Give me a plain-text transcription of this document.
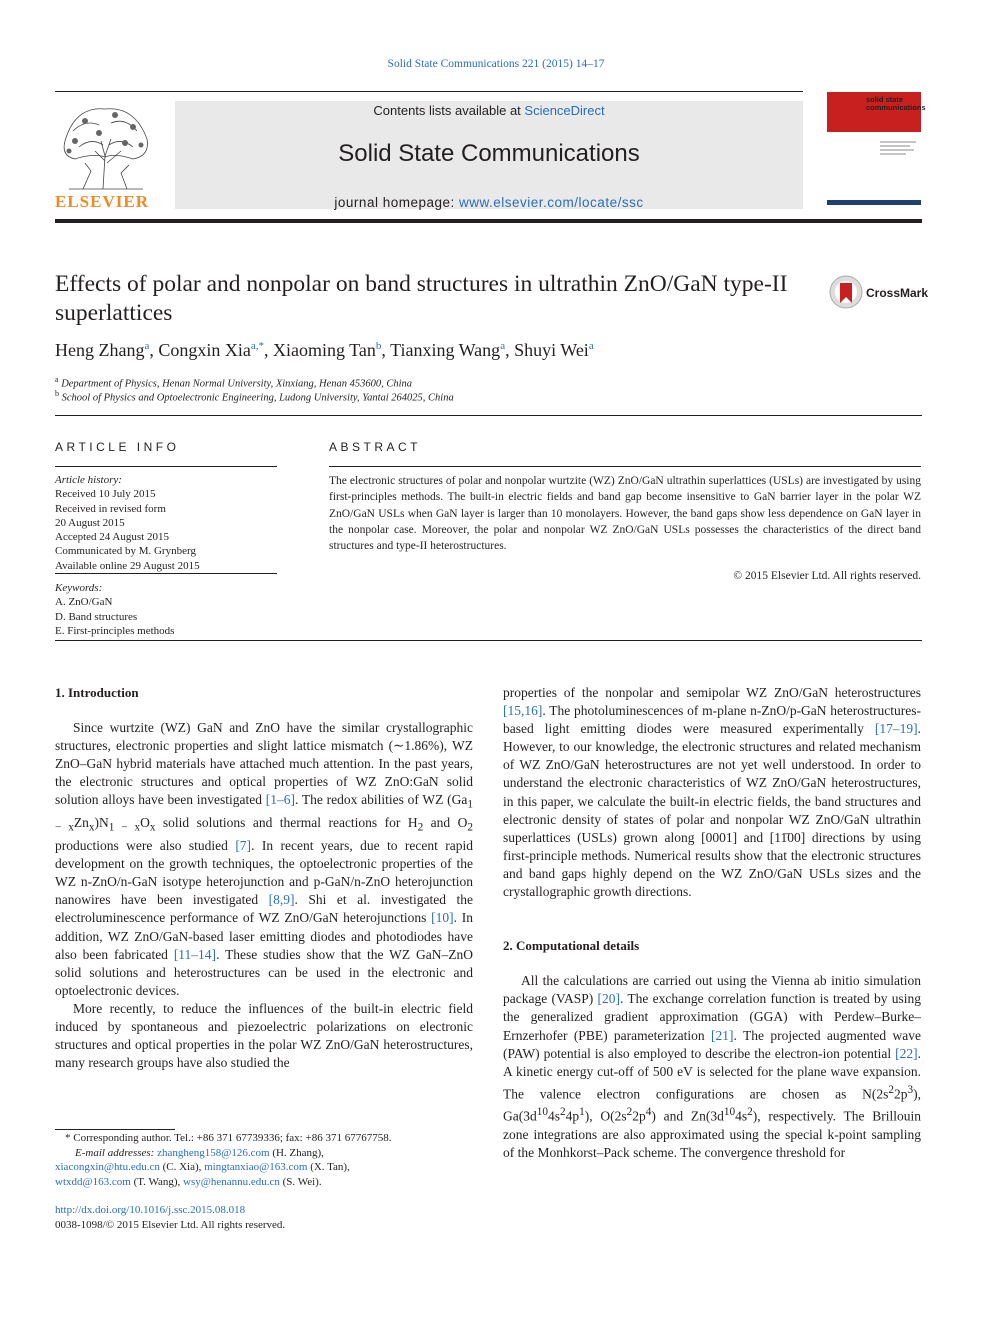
Solid State Communications 221 (2015) 14–17
ELSEVIER
Contents lists available at ScienceDirect
Solid State Communications
journal homepage: www.elsevier.com/locate/ssc
solid state communications
Effects of polar and nonpolar on band structures in ultrathin ZnO/GaN type-II superlattices
CrossMark
Heng Zhang$^a$, Congxin Xia$^{a,*}$, Xiaoming Tan$^b$, Tianxing Wang$^a$, Shuyi Wei$^a$
$^a$ Department of Physics, Henan Normal University, Xinxiang, Henan 453600, China
$^b$ School of Physics and Optoelectronic Engineering, Ludong University, Yantai 264025, China
ARTICLE INFO
Article history:
Received 10 July 2015
Received in revised form
20 August 2015
Accepted 24 August 2015
Communicated by M. Grynberg
Available online 29 August 2015
Keywords:
A. ZnO/GaN
D. Band structures
E. First-principles methods
ABSTRACT
The electronic structures of polar and nonpolar wurtzite (WZ) ZnO/GaN ultrathin superlattices (USLs) are investigated by using first-principles methods. The built-in electric fields and band gap become insensitive to GaN barrier layer in the polar WZ ZnO/GaN USLs when GaN layer is larger than 10 monolayers. However, the band gaps show less dependence on GaN layer in the nonpolar case. Moreover, the polar and nonpolar WZ ZnO/GaN USLs possesses the characteristics of the direct band structures and type-II heterostructures.
© 2015 Elsevier Ltd. All rights reserved.
1. Introduction

Since wurtzite (WZ) GaN and ZnO have the similar crystallographic structures, electronic properties and slight lattice mismatch (∼1.86%), WZ ZnO–GaN hybrid materials have attached much attention. In the past years, the electronic structures and optical properties of WZ ZnO:GaN solid solution alloys have been investigated [1–6]. The redox abilities of WZ $(Ga_{1 - x}Zn_x)N_{1 - x}O_x$ solid solutions and thermal reactions for $H_2$ and $O_2$ productions were also studied [7]. In recent years, due to recent rapid development on the growth techniques, the optoelectronic properties of the WZ n-ZnO/n-GaN isotype heterojunction and p-GaN/n-ZnO heterojunction nanowires have been investigated [8,9]. Shi et al. investigated the electroluminescence performance of WZ ZnO/GaN heterojunctions [10]. In addition, WZ ZnO/GaN-based laser emitting diodes and photodiodes have also been fabricated [11–14]. These studies show that the WZ GaN–ZnO solid solutions and heterostructures can be used in the electronic and optoelectronic devices.

More recently, to reduce the influences of the built-in electric field induced by spontaneous and piezoelectric polarizations on electronic structures and optical properties in the polar WZ ZnO/GaN heterostructures, many research groups have also studied the

properties of the nonpolar and semipolar WZ ZnO/GaN heterostructures [15,16]. The photoluminescences of m-plane n-ZnO/p-GaN heterostructures-based light emitting diodes were measured experimentally [17–19]. However, to our knowledge, the electronic structures and related mechanism of WZ ZnO/GaN heterostructures are not yet well understood. In order to understand the electronic characteristics of WZ ZnO/GaN heterostructures, in this paper, we calculate the built-in electric fields, the band structures and electronic density of states of polar and nonpolar WZ ZnO/GaN ultrathin superlattices (USLs) grown along [0001] and [11̄00] directions by using first-principle methods. Numerical results show that the electronic structures and band gaps highly depend on the WZ ZnO/GaN USLs sizes and the crystallographic growth directions.

2. Computational details

All the calculations are carried out using the Vienna ab initio simulation package (VASP) [20]. The exchange correlation function is treated by using the generalized gradient approximation (GGA) with Perdew–Burke–Ernzerhofer (PBE) parameterization [21]. The projected augmented wave (PAW) potential is also employed to describe the electron-ion potential [22]. A kinetic energy cut-off of 500 eV is selected for the plane wave expansion. The valence electron configurations are chosen as $N(2s^22p^3)$, $Ga(3d^{10}4s^24p^1)$, $O(2s^22p^4)$ and $Zn(3d^{10}4s^2)$, respectively. The Brillouin zone integrations are also approximated using the special k-point sampling of the Monhkorst–Pack scheme. The convergence threshold for

* Corresponding author. Tel.: +86 371 67739336; fax: +86 371 67767758.
E-mail addresses: zhangheng158@126.com (H. Zhang),
xiacongxin@htu.edu.cn (C. Xia), mingtanxiao@163.com (X. Tan),
wtxdd@163.com (T. Wang), wsy@henannu.edu.cn (S. Wei).
http://dx.doi.org/10.1016/j.ssc.2015.08.018
0038-1098/© 2015 Elsevier Ltd. All rights reserved.
